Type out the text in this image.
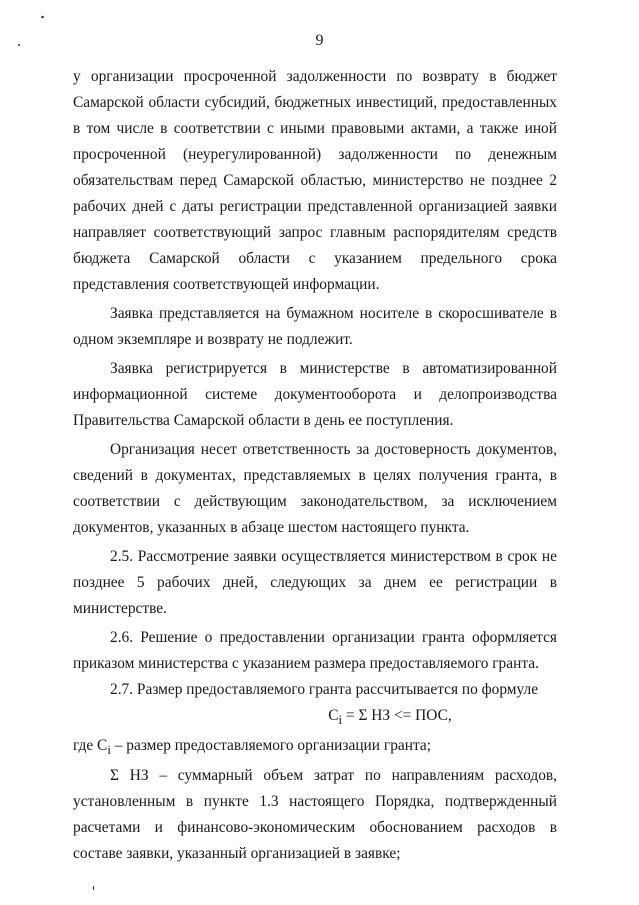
9

у организации просроченной задолженности по возврату в бюджет Самарской области субсидий, бюджетных инвестиций, предоставленных в том числе в соответствии с иными правовыми актами, а также иной просроченной (неурегулированной) задолженности по денежным обязательствам перед Самарской областью, министерство не позднее 2 рабочих дней с даты регистрации представленной организацией заявки направляет соответствующий запрос главным распорядителям средств бюджета Самарской области с указанием предельного срока представления соответствующей информации.

Заявка представляется на бумажном носителе в скоросшивателе в одном экземпляре и возврату не подлежит.

Заявка регистрируется в министерстве в автоматизированной информационной системе документооборота и делопроизводства Правительства Самарской области в день ее поступления.

Организация несет ответственность за достоверность документов, сведений в документах, представляемых в целях получения гранта, в соответствии с действующим законодательством, за исключением документов, указанных в абзаце шестом настоящего пункта.

2.5. Рассмотрение заявки осуществляется министерством в срок не позднее 5 рабочих дней, следующих за днем ее регистрации в министерстве.

2.6. Решение о предоставлении организации гранта оформляется приказом министерства с указанием размера предоставляемого гранта.

2.7. Размер предоставляемого гранта рассчитывается по формуле

$C_i = \Sigma$ НЗ <= ПОС,

где $C_i$ – размер предоставляемого организации гранта;

Σ НЗ – суммарный объем затрат по направлениям расходов, установленным в пункте 1.3 настоящего Порядка, подтвержденный расчетами и финансово-экономическим обоснованием расходов в составе заявки, указанный организацией в заявке;
